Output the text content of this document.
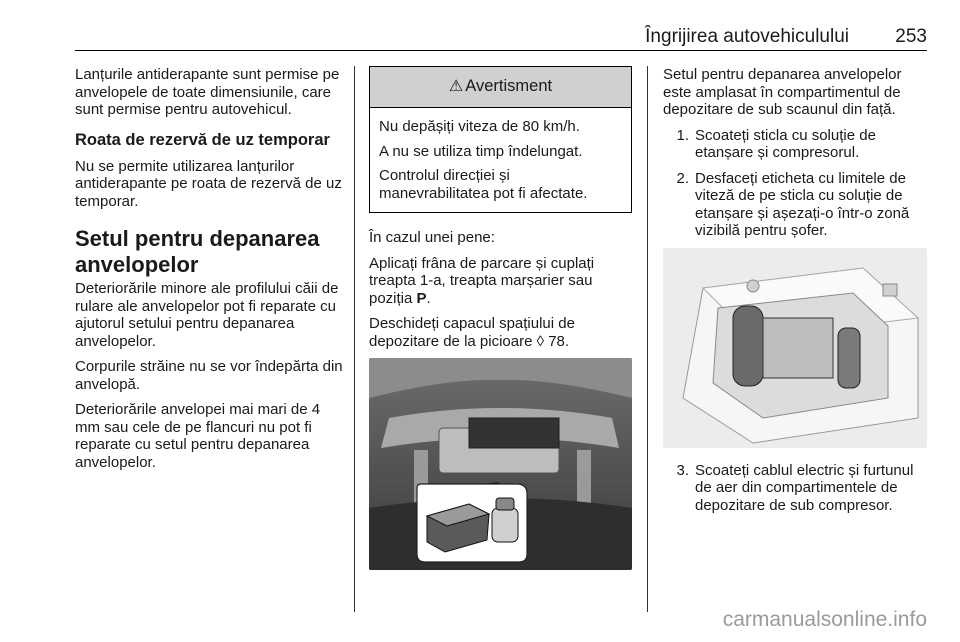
Îngrijirea autovehiculului 253

Lanțurile antiderapante sunt permise pe anvelopele de toate dimensiunile, care sunt permise pentru autovehicul.

Roata de rezervă de uz temporar

Nu se permite utilizarea lanțurilor antiderapante pe roata de rezervă de uz temporar.

Setul pentru depanarea anvelopelor

Deteriorările minore ale profilului căii de rulare ale anvelopelor pot fi reparate cu ajutorul setului pentru depanarea anvelopelor.

Corpurile străine nu se vor îndepărta din anvelopă.

Deteriorările anvelopei mai mari de 4 mm sau cele de pe flancuri nu pot fi reparate cu setul pentru depanarea anvelopelor.

⚠ Avertisment

Nu depășiți viteza de 80 km/h.

A nu se utiliza timp îndelungat.

Controlul direcției și manevrabilitatea pot fi afectate.

În cazul unei pene:

Aplicați frâna de parcare și cuplați treapta 1-a, treapta marșarier sau poziția P.

Deschideți capacul spațiului de depozitare de la picioare ◊ 78.

Setul pentru depanarea anvelopelor este amplasat în compartimentul de depozitare de sub scaunul din față.

1. Scoateți sticla cu soluție de etanșare și compresorul.
2. Desfaceți eticheta cu limitele de viteză de pe sticla cu soluție de etanșare și așezați-o într-o zonă vizibilă pentru șofer.
3. Scoateți cablul electric și furtunul de aer din compartimentele de depozitare de sub compresor.
carmanualsonline.info
